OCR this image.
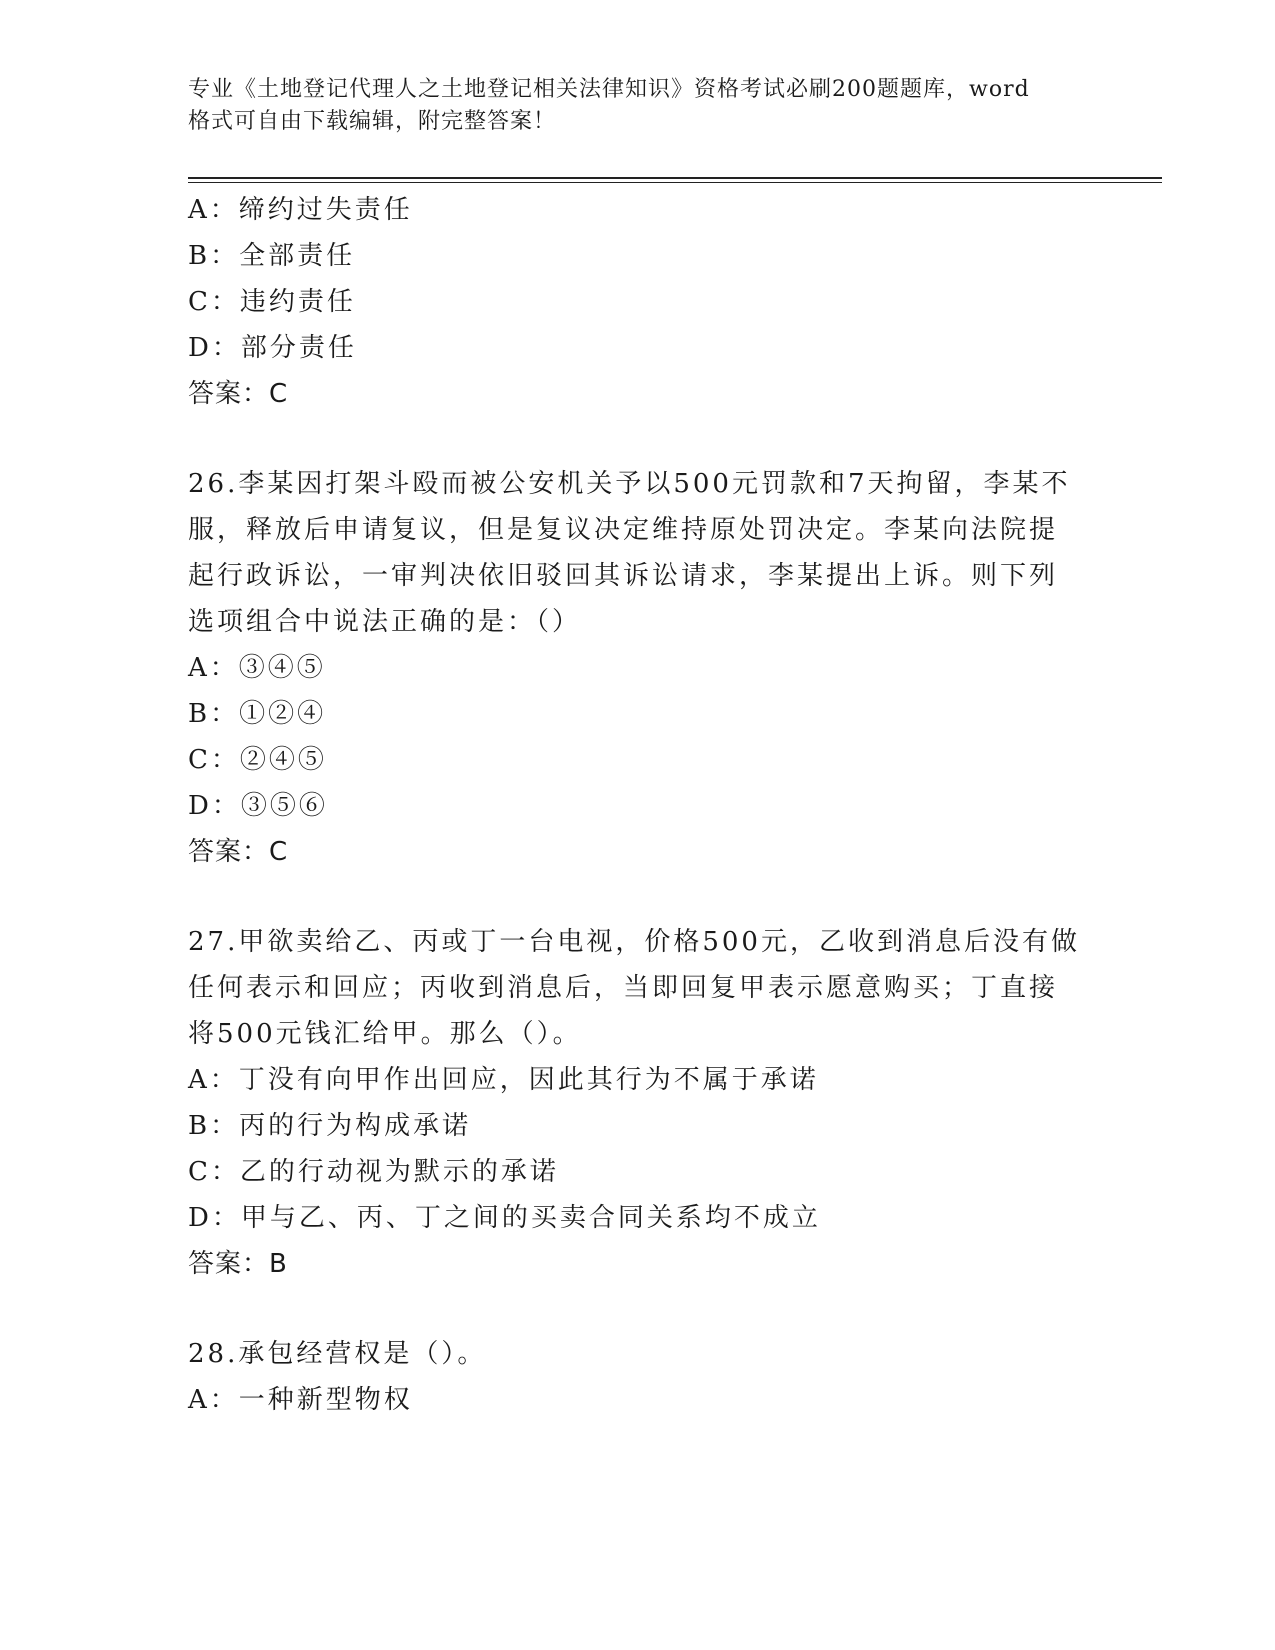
专业《土地登记代理人之土地登记相关法律知识》资格考试必刷200题题库，word
格式可自由下载编辑，附完整答案！
A：缔约过失责任
B：全部责任
C：违约责任
D：部分责任
答案：C
26.李某因打架斗殴而被公安机关予以500元罚款和7天拘留，李某不
服，释放后申请复议，但是复议决定维持原处罚决定。李某向法院提
起行政诉讼，一审判决依旧驳回其诉讼请求，李某提出上诉。则下列
选项组合中说法正确的是：（）
A：③④⑤
B：①②④
C：②④⑤
D：③⑤⑥
答案：C
27.甲欲卖给乙、丙或丁一台电视，价格500元，乙收到消息后没有做
任何表示和回应；丙收到消息后，当即回复甲表示愿意购买；丁直接
将500元钱汇给甲。那么（）。
A：丁没有向甲作出回应，因此其行为不属于承诺
B：丙的行为构成承诺
C：乙的行动视为默示的承诺
D：甲与乙、丙、丁之间的买卖合同关系均不成立
答案：B
28.承包经营权是（）。
A：一种新型物权
